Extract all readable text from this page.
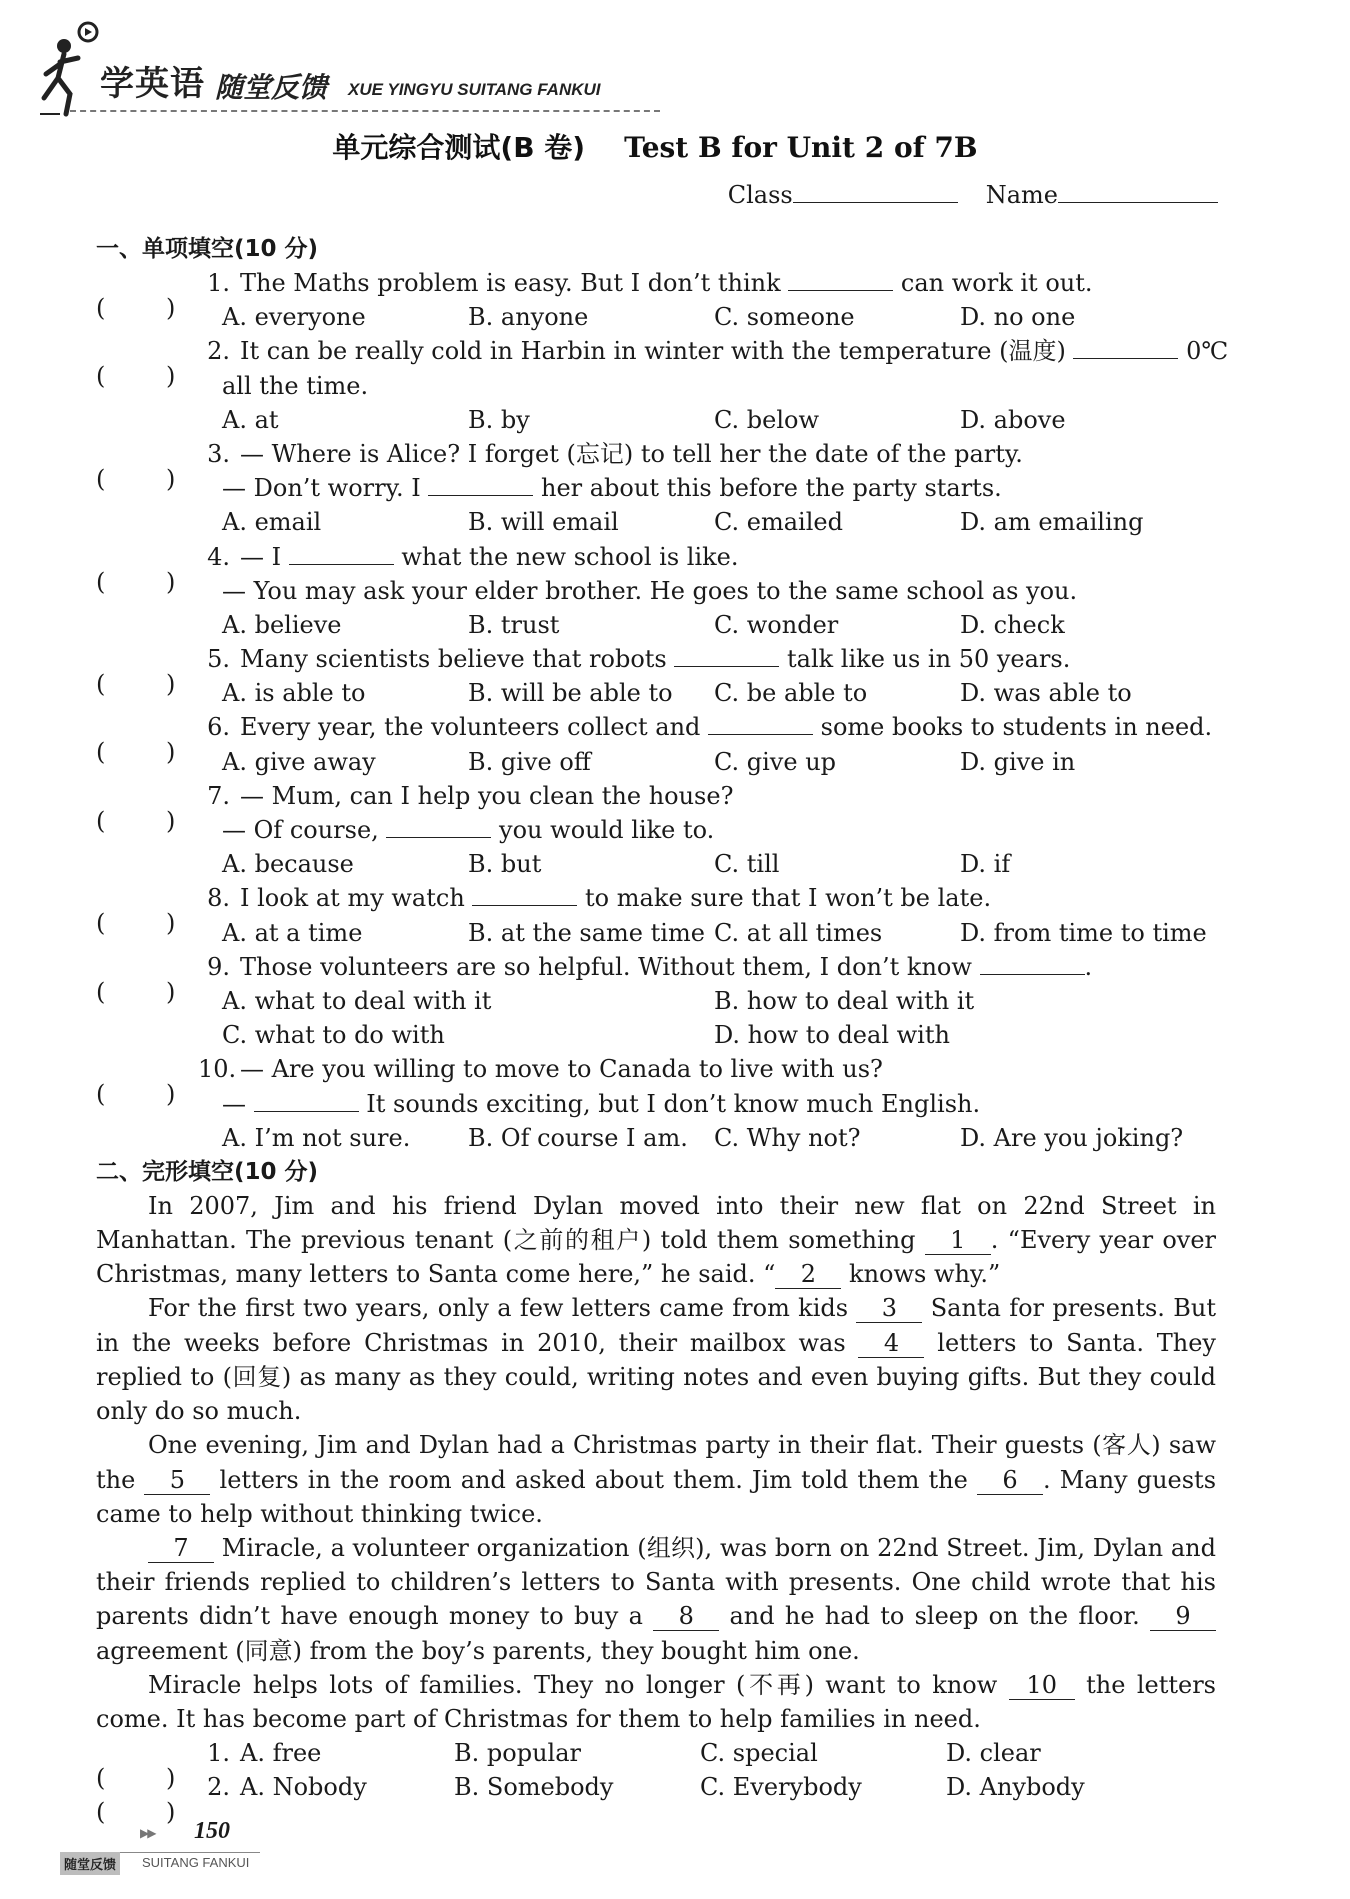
学英语 随堂反馈 XUE YINGYU SUITANG FANKUI
单元综合测试(B 卷) Test B for Unit 2 of 7B
Class	Name
一、单项填空(10 分)
1. The Maths problem is easy. But I don’t think	can work it out.
A. everyone	B. anyone	C. someone	D. no one
2. It can be really cold in Harbin in winter with the temperature (温度)	0℃
all the time.
A. at	B. by	C. below	D. above
3. — Where is Alice? I forget (忘记) to tell her the date of the party.
— Don’t worry. I	her about this before the party starts.
A. email	B. will email	C. emailed	D. am emailing
4. — I	what the new school is like.
— You may ask your elder brother. He goes to the same school as you.
A. believe	B. trust	C. wonder	D. check
5. Many scientists believe that robots	talk like us in 50 years.
A. is able to	B. will be able to C. be able to	D. was able to
6. Every year, the volunteers collect and	some books to students in need.
A. give away	B. give off	C. give up	D. give in
7. — Mum, can I help you clean the house?
— Of course,	you would like to.
A. because	B. but	C. till	D. if
8. I look at my watch	to make sure that I won’t be late.
A. at a time	B. at the same time C. at all times	D. from time to time
9. Those volunteers are so helpful. Without them, I don’t know	.
A. what to deal with it	B. how to deal with it
C. what to do with	D. how to deal with
10. — Are you willing to move to Canada to live with us?
—	It sounds exciting, but I don’t know much English.
A. I’m not sure. B. Of course I am. C. Why not?	D. Are you joking?
二、完形填空(10 分)
In 2007, Jim and his friend Dylan moved into their new flat on 22nd Street in Manhattan. The previous tenant (之前的租户) told them something 1 . “Every year over Christmas, many letters to Santa come here,” he said. “ 2 knows why.”
For the first two years, only a few letters came from kids 3 Santa for presents. But in the weeks before Christmas in 2010, their mailbox was 4 letters to Santa. They replied to (回复) as many as they could, writing notes and even buying gifts. But they could only do so much.
One evening, Jim and Dylan had a Christmas party in their flat. Their guests (客人) saw the 5 letters in the room and asked about them. Jim told them the 6 . Many guests came to help without thinking twice.
7 Miracle, a volunteer organization (组织), was born on 22nd Street. Jim, Dylan and their friends replied to children’s letters to Santa with presents. One child wrote that his parents didn’t have enough money to buy a 8 and he had to sleep on the floor. 9 agreement (同意) from the boy’s parents, they bought him one.
Miracle helps lots of families. They no longer (不再) want to know 10 the letters come. It has become part of Christmas for them to help families in need.
1. A. free	B. popular	C. special	D. clear
2. A. Nobody	B. Somebody	C. Everybody	D. Anybody
▶▶ 150
随堂反馈	SUITANG FANKUI
